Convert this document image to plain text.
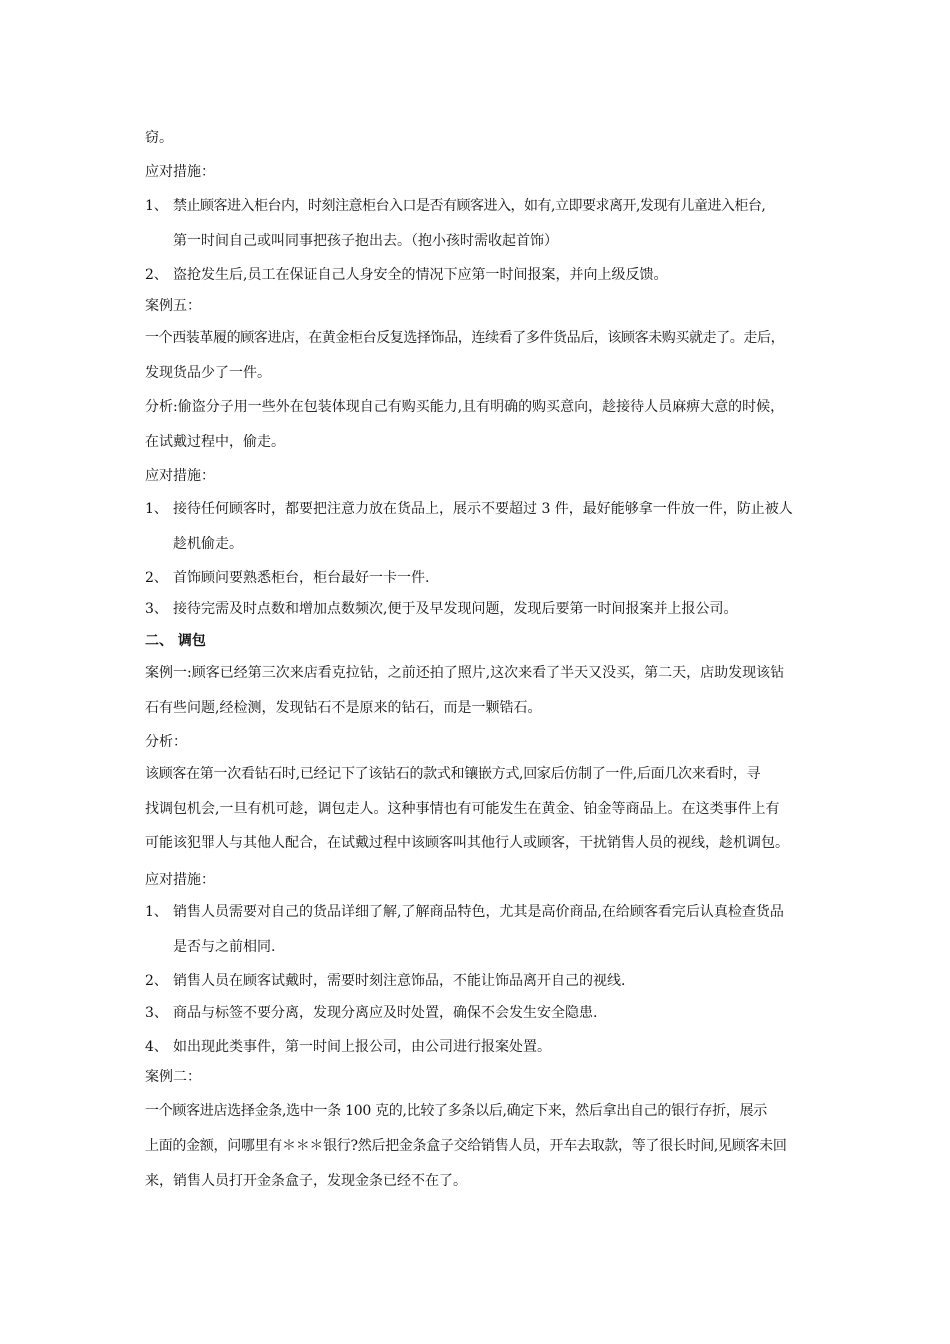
窃。
应对措施：
1、 禁止顾客进入柜台内，时刻注意柜台入口是否有顾客进入，如有,立即要求离开,发现有儿童进入柜台,
第一时间自己或叫同事把孩子抱出去。（抱小孩时需收起首饰）
2、 盗抢发生后,员工在保证自己人身安全的情况下应第一时间报案，并向上级反馈。
案例五：
一个西装革履的顾客进店，在黄金柜台反复选择饰品，连续看了多件货品后，该顾客未购买就走了。走后，
发现货品少了一件。
分析:偷盗分子用一些外在包装体现自己有购买能力,且有明确的购买意向，趁接待人员麻痹大意的时候，
在试戴过程中，偷走。
应对措施：
1、 接待任何顾客时，都要把注意力放在货品上，展示不要超过 3 件，最好能够拿一件放一件，防止被人
趁机偷走。
2、 首饰顾问要熟悉柜台，柜台最好一卡一件.
3、 接待完需及时点数和增加点数频次,便于及早发现问题，发现后要第一时间报案并上报公司。
二、 调包
案例一:顾客已经第三次来店看克拉钻，之前还拍了照片,这次来看了半天又没买，第二天，店助发现该钻
石有些问题,经检测，发现钻石不是原来的钻石，而是一颗锆石。
分析：
该顾客在第一次看钻石时,已经记下了该钻石的款式和镶嵌方式,回家后仿制了一件,后面几次来看时，寻
找调包机会,一旦有机可趁，调包走人。这种事情也有可能发生在黄金、铂金等商品上。在这类事件上有
可能该犯罪人与其他人配合，在试戴过程中该顾客叫其他行人或顾客，干扰销售人员的视线，趁机调包。
应对措施：
1、 销售人员需要对自己的货品详细了解,了解商品特色，尤其是高价商品,在给顾客看完后认真检查货品
是否与之前相同.
2、 销售人员在顾客试戴时，需要时刻注意饰品，不能让饰品离开自己的视线.
3、 商品与标签不要分离，发现分离应及时处置，确保不会发生安全隐患.
4、 如出现此类事件，第一时间上报公司，由公司进行报案处置。
案例二：
一个顾客进店选择金条,选中一条 100 克的,比较了多条以后,确定下来，然后拿出自己的银行存折，展示
上面的金额，问哪里有＊＊＊银行?然后把金条盒子交给销售人员，开车去取款，等了很长时间,见顾客未回
来，销售人员打开金条盒子，发现金条已经不在了。
